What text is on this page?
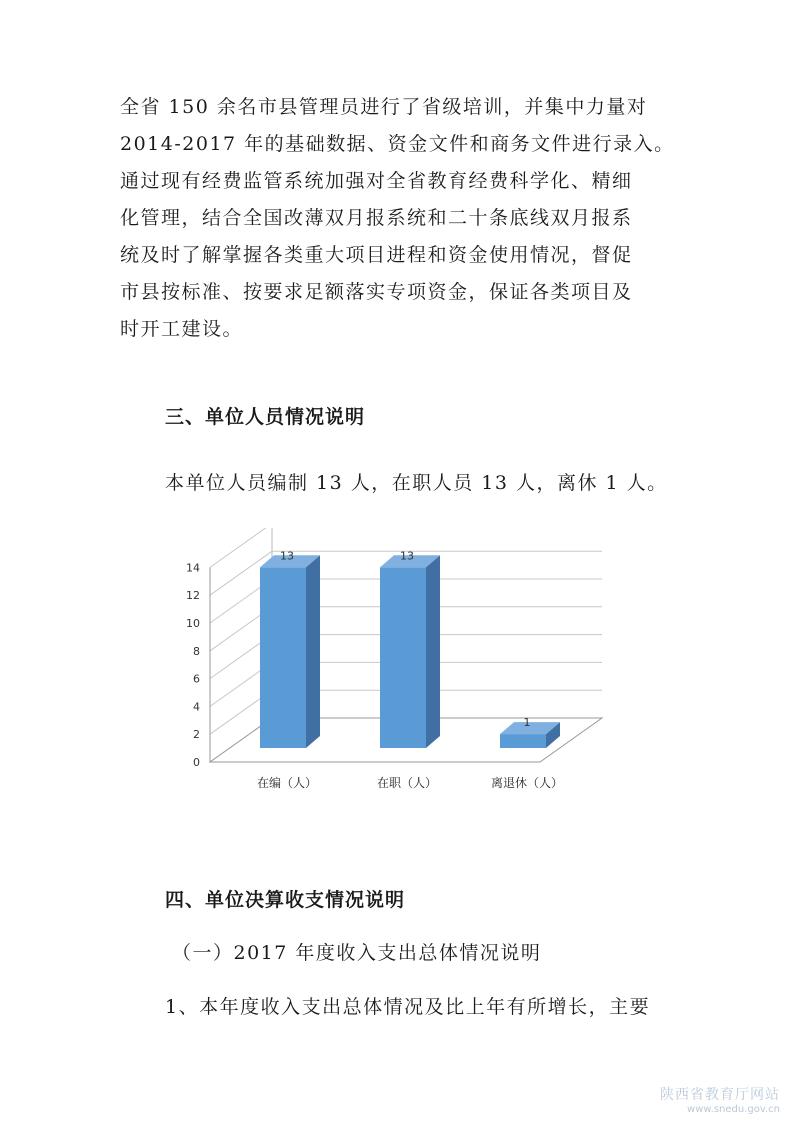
全省 150 余名市县管理员进行了省级培训，并集中力量对
2014-2017 年的基础数据、资金文件和商务文件进行录入。
通过现有经费监管系统加强对全省教育经费科学化、精细
化管理，结合全国改薄双月报系统和二十条底线双月报系
统及时了解掌握各类重大项目进程和资金使用情况，督促
市县按标准、按要求足额落实专项资金，保证各类项目及
时开工建设。
三、单位人员情况说明
本单位人员编制 13 人，在职人员 13 人，离休 1 人。
0
2
4
6
8
10
12
14
13
在编（人）
13
在职（人）
1
离退休（人）
四、单位决算收支情况说明
（一）2017 年度收入支出总体情况说明
1、本年度收入支出总体情况及比上年有所增长，主要
陕西省教育厅网站
www.snedu.gov.cn
